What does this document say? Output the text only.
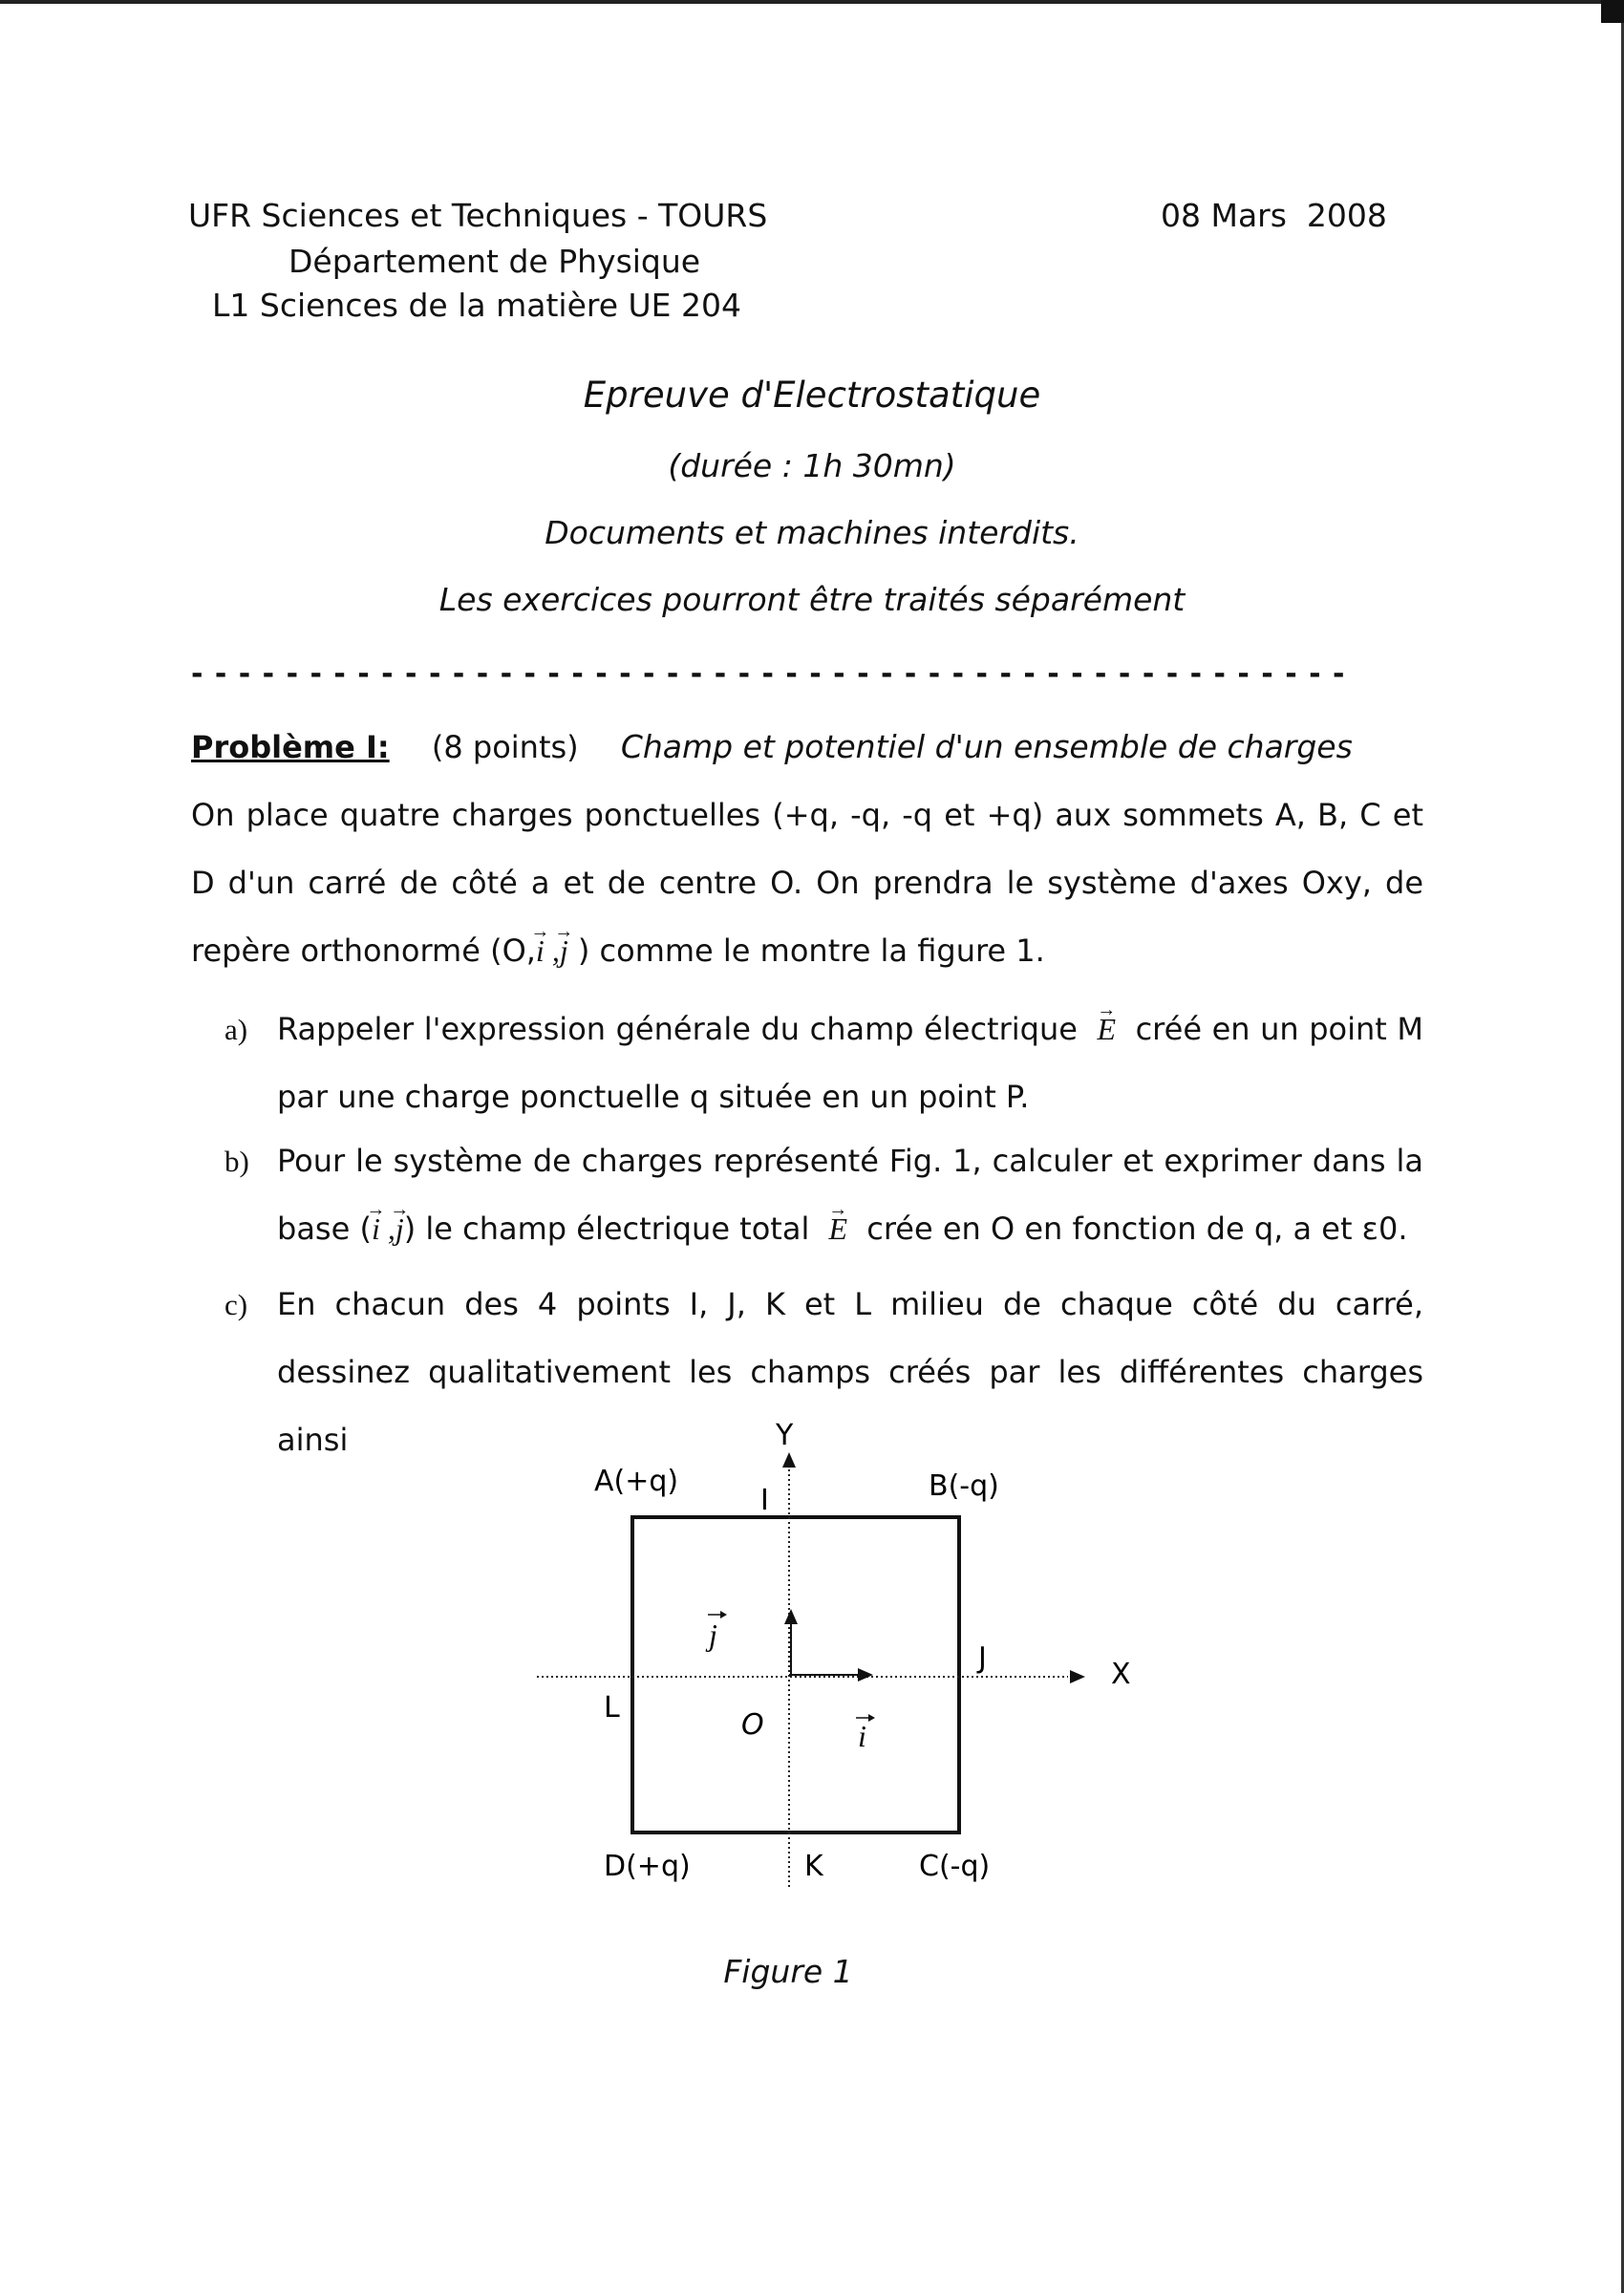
UFR Sciences et Techniques - TOURS
Département de Physique
L1 Sciences de la matière UE 204
08 Mars  2008
Epreuve d'Electrostatique
(durée : 1h 30mn)
Documents et machines interdits.
Les exercices pourront être traités séparément
- - - - - - - - - - - - - - - - - - - - - - - - - - - - - - - - - - - - - - - - - - - - - - - - -
Problème I: (8 points) Champ et potentiel d'un ensemble de charges
On place quatre charges ponctuelles (+q, -q, -q et +q) aux sommets A, B, C et D d'un carré de côté a et de centre O. On prendra le système d'axes Oxy, de repère orthonormé (O,→ i ,→ j ) comme le montre la figure 1.
a) Rappeler l'expression générale du champ électrique → E créé en un point M par une charge ponctuelle q située en un point P.
b) Pour le système de charges représenté Fig. 1, calculer et exprimer dans la base (→ i ,→ j) le champ électrique total → E crée en O en fonction de q, a et ε0.
c) En chacun des 4 points I, J, K et L milieu de chaque côté du carré, dessinez qualitativement les champs créés par les différentes charges ainsi
A(+q)	B(-q)
C(-q)
D(+q)
I
J
K
L
O
X
Y
i
j
Figure 1
